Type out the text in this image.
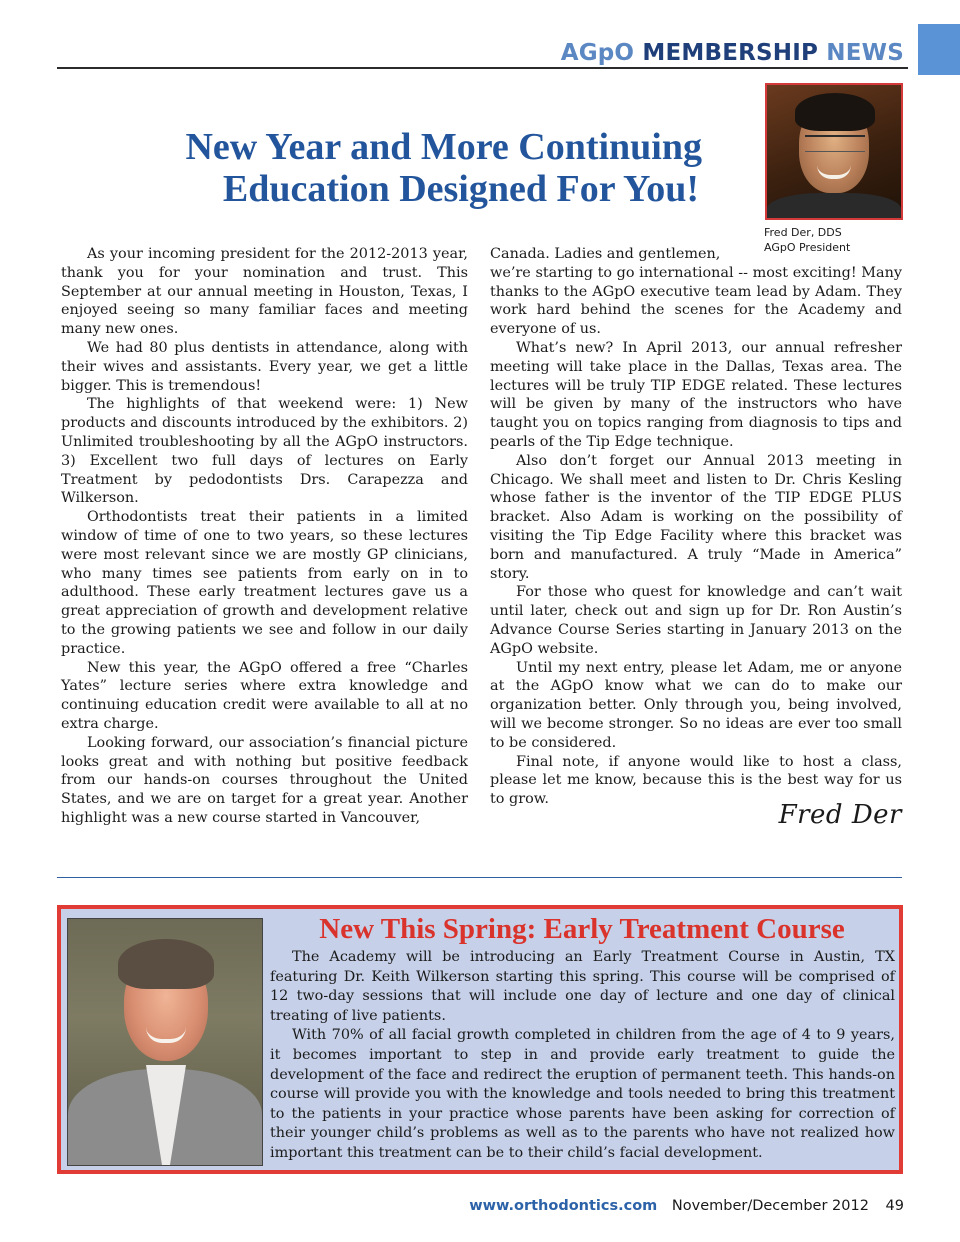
AGpO MEMBERSHIP NEWS
New Year and More Continuing
Education Designed For You!
Fred Der, DDS
AGpO President

As your incoming president for the 2012-2013 year, thank you for your nomination and trust. This September at our annual meeting in Houston, Texas, I enjoyed seeing so many familiar faces and meeting many new ones.

We had 80 plus dentists in attendance, along with their wives and assistants. Every year, we get a little bigger. This is tremendous!

The highlights of that weekend were: 1) New products and discounts introduced by the exhibitors. 2) Unlimited troubleshooting by all the AGpO instructors. 3) Excellent two full days of lectures on Early Treatment by pedodontists Drs. Carapezza and Wilkerson.

Orthodontists treat their patients in a limited window of time of one to two years, so these lectures were most relevant since we are mostly GP clinicians, who many times see patients from early on in to adulthood. These early treatment lectures gave us a great appreciation of growth and development relative to the growing patients we see and follow in our daily practice.

New this year, the AGpO offered a free “Charles Yates” lecture series where extra knowledge and continuing education credit were available to all at no extra charge.

Looking forward, our association’s financial picture looks great and with nothing but positive feedback from our hands-on courses throughout the United States, and we are on target for a great year. Another highlight was a new course started in Vancouver,

Canada. Ladies and gentlemen,
we’re starting to go international -- most exciting! Many thanks to the AGpO executive team lead by Adam. They work hard behind the scenes for the Academy and everyone of us.

What’s new? In April 2013, our annual refresher meeting will take place in the Dallas, Texas area. The lectures will be truly TIP EDGE related. These lectures will be given by many of the instructors who have taught you on topics ranging from diagnosis to tips and pearls of the Tip Edge technique.

Also don’t forget our Annual 2013 meeting in Chicago. We shall meet and listen to Dr. Chris Kesling whose father is the inventor of the TIP EDGE PLUS bracket. Also Adam is working on the possibility of visiting the Tip Edge Facility where this bracket was born and manufactured. A truly “Made in America” story.

For those who quest for knowledge and can’t wait until later, check out and sign up for Dr. Ron Austin’s Advance Course Series starting in January 2013 on the AGpO website.

Until my next entry, please let Adam, me or anyone at the AGpO know what we can do to make our organization better. Only through you, being involved, will we become stronger. So no ideas are ever too small to be considered.

Final note, if anyone would like to host a class, please let me know, because this is the best way for us to grow.

Fred Der
New This Spring: Early Treatment Course

The Academy will be introducing an Early Treatment Course in Austin, TX featuring Dr. Keith Wilkerson starting this spring. This course will be comprised of 12 two-day sessions that will include one day of lecture and one day of clinical treating of live patients.

With 70% of all facial growth completed in children from the age of 4 to 9 years, it becomes important to step in and provide early treatment to guide the development of the face and redirect the eruption of permanent teeth. This hands-on course will provide you with the knowledge and tools needed to bring this treatment to the patients in your practice whose parents have been asking for correction of their younger child’s problems as well as to the parents who have not realized how important this treatment can be to their child’s facial development.

www.orthodontics.com November/December 2012 49
